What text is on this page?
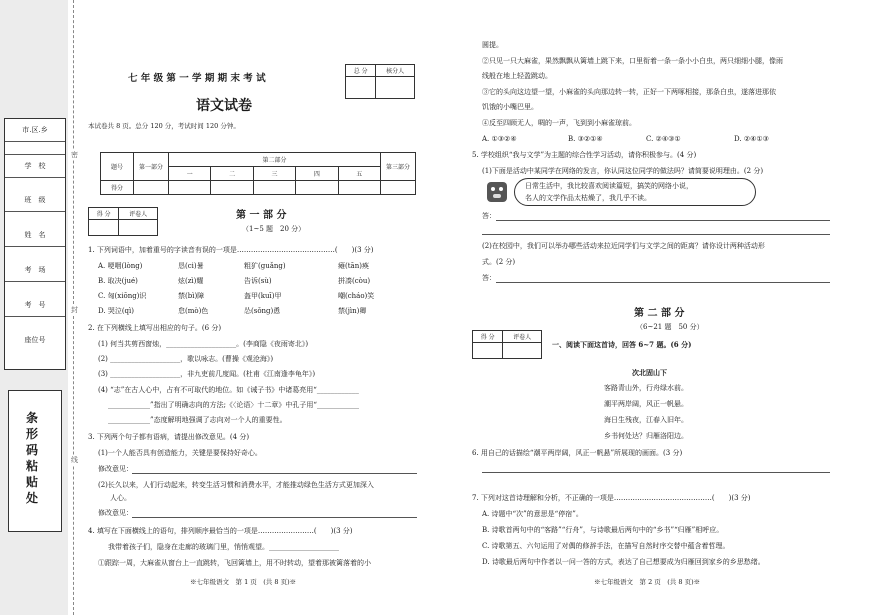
市.区.乡
学　校
班　级
姓　名
考　场
考　号
座位号
条形码粘贴处
密
封
线
七 年 级 第 一 学 期 期 末 考 试
总 分	核分人

语文试卷
本试卷共 8 页。总分 120 分，考试时间 120 分钟。
题号	第一部分	第二部分					第三部分
		一	二	三	四	五	
得分							
得 分	评卷人
		第 一 部 分
（1~5 题　20 分）
1. 下列词语中，加着重号的字读音有误的一项是……………………………………(　　)(3 分)
A. 哽咽(lòng)	恳(ci)暑	粗犷(guǎng)	瘫(tān)痪
B. 取决(jué)	炫(zì)耀	告诉(sù)	拼凑(còu)
C. 匈(xiōng)识	禁(bì)障	盔甲(kuī)甲	嘲(cháo)笑
D. 哭泣(qì)	怠(mò)色	怂(sǒng)恿	禁(jìn)卿
2. 在下列横线上填写出相应的句子。(6 分)
(1) 何当共剪西窗烛，____________________。(李商隐《夜雨寄北》)
(2) ____________________，歌以咏志。(曹操《观沧海》)
(3) ____________________，非九吏前几度闻。(杜甫《江南逢李龟年》)
(4) “志”在古人心中，占有不可取代的地位。如《诫子书》中诸葛亮用“____________
____________”指出了明确志向的方法;《〈论语〉十二章》中孔子用“____________
____________”态度解明地强调了志向对一个人的重要性。
3. 下列两个句子都有语病，请提出修改意见。(4 分)
(1)一个人能否具有创造能力，关键是要保持好奇心。
修改意见：
(2)长久以来，人们行动起来，转变生活习惯和消费水平，才能推动绿色生活方式更加深入
人心。
修改意见：
4. 填写在下面横线上的语句，排列顺序最恰当的一项是……………………(　　)(3 分)
我带着孩子们，隐身在走廊的玻璃门里，悄悄观望。____________________
①跟踪一周，大麻雀从窗台上一直跳转，飞回篱墙上，用不时转动，望着那被篱落着的小
※七年级语文　第 1 页　(共 8 页)※
圆提。
②只见一只大麻雀，果然飘飘从篱墙上跳下来，口里衔着一条一条小小白虫，两只细细小腿，像雨
线般在地上轻盈跳动。
③它的头向这边望一望，小麻雀的头向那边转一转，正好一下两啄相接，那条白虫，遂落进那依
饥饿的小嘴巴里。
④反至四顾无人，啁的一声，飞到到小麻雀琼前。
A. ①③②④	B. ③②①④	C. ②④③①	D. ②④①③
5. 学校组织“我与文学”为主题的综合性学习活动，请你积极参与。(4 分)
(1)下面是活动中某同学在网络的发言，你认同这位同学的做法吗？请简要说明理由。(2 分)
日常生活中，我比较喜欢阅读篇短，搞笑的网络小说，
名人的文学作品太枯燥了，我几乎不读。
答：
(2)在校园中，我们可以举办哪些活动来拉近同学们与文学之间的距离？请你设计两种活动形
式。(2 分)
答：
第 二 部 分
（6~21 题　50 分）
得 分	评卷人

一、阅读下面这首诗，回答 6~7 题。(6 分)
次北固山下
客路青山外，行舟绿水前。
潮平两岸阔，风正一帆悬。
海日生残夜，江春入旧年。
乡书何处达？归雁洛阳边。
6. 用自己的话描绘“潮平两岸阔，风正一帆悬”所展现的画面。(3 分)
7. 下列对这首诗理解和分析，不正确的一项是……………………………………(　　)(3 分)
A. 诗题中“次”的意思是“停宿”。
B. 诗歌首两句中的“客路”“行舟”，与诗歌最后两句中的“乡书”“归雁”相呼应。
C. 诗歌第五、六句运用了对偶的修辞手法，在描写自然时序交替中蕴含着哲理。
D. 诗歌最后两句中作者以一问一答的方式，表达了自己想要成为归雁回到家乡的乡思愁绪。
※七年级语文　第 2 页　(共 8 页)※
